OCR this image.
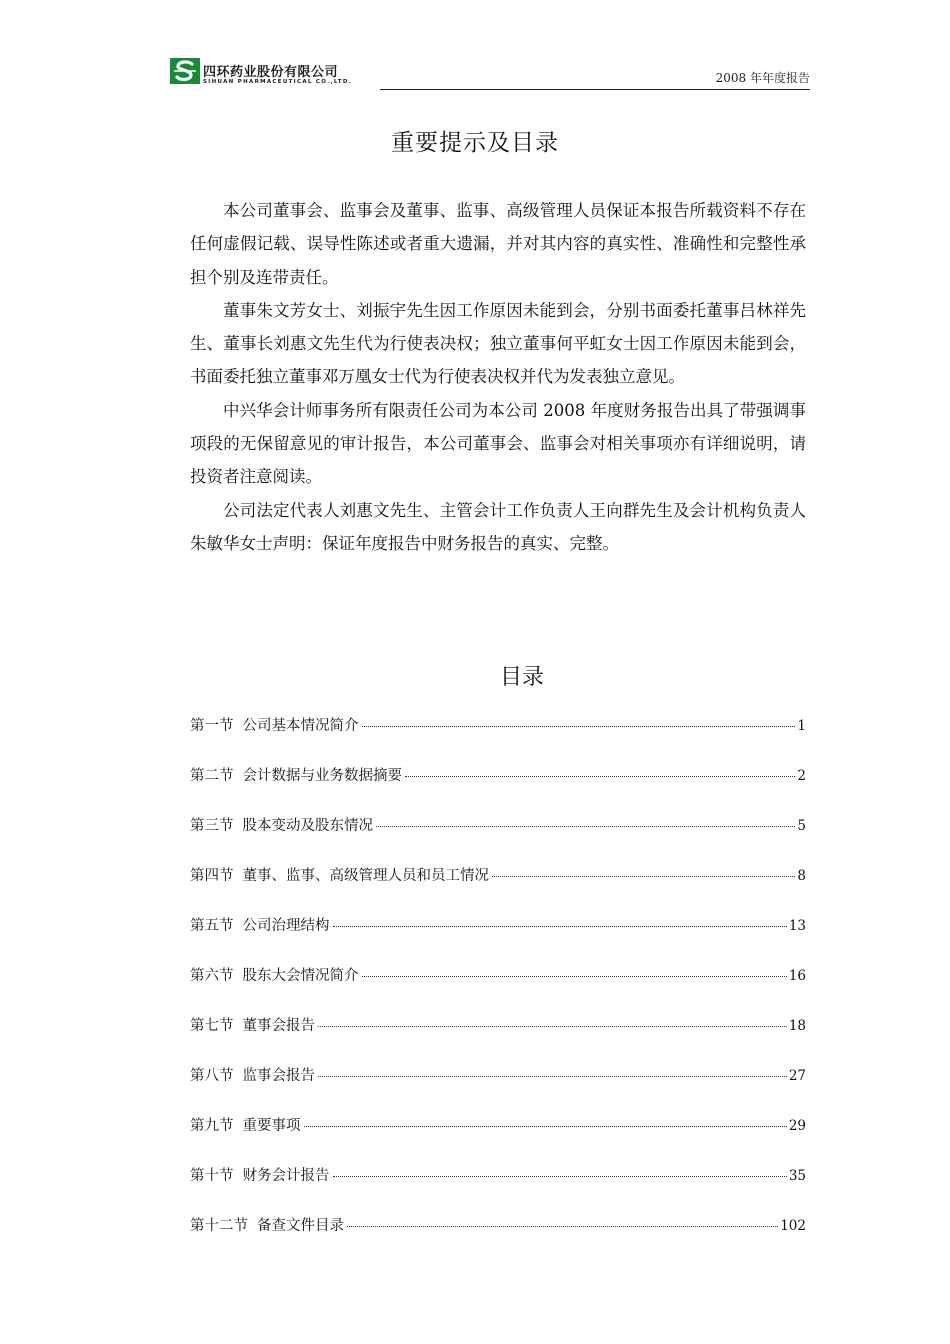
四环药业股份有限公司
SIHUAN PHARMACEUTICAL CO.,LTD.	2008 年年度报告
重要提示及目录

本公司董事会、监事会及董事、监事、高级管理人员保证本报告所载资料不存在任何虚假记载、误导性陈述或者重大遗漏，并对其内容的真实性、准确性和完整性承担个别及连带责任。

董事朱文芳女士、刘振宇先生因工作原因未能到会，分别书面委托董事吕林祥先生、董事长刘惠文先生代为行使表决权；独立董事何平虹女士因工作原因未能到会，书面委托独立董事邓万凰女士代为行使表决权并代为发表独立意见。

中兴华会计师事务所有限责任公司为本公司 2008 年度财务报告出具了带强调事项段的无保留意见的审计报告，本公司董事会、监事会对相关事项亦有详细说明，请投资者注意阅读。

公司法定代表人刘惠文先生、主管会计工作负责人王向群先生及会计机构负责人朱敏华女士声明：保证年度报告中财务报告的真实、完整。

目录
第一节 公司基本情况简介	1
第二节 会计数据与业务数据摘要	2
第三节 股本变动及股东情况	5
第四节 董事、监事、高级管理人员和员工情况	8
第五节 公司治理结构	13
第六节 股东大会情况简介	16
第七节 董事会报告	18
第八节 监事会报告	27
第九节 重要事项	29
第十节 财务会计报告	35
第十二节 备查文件目录	102
